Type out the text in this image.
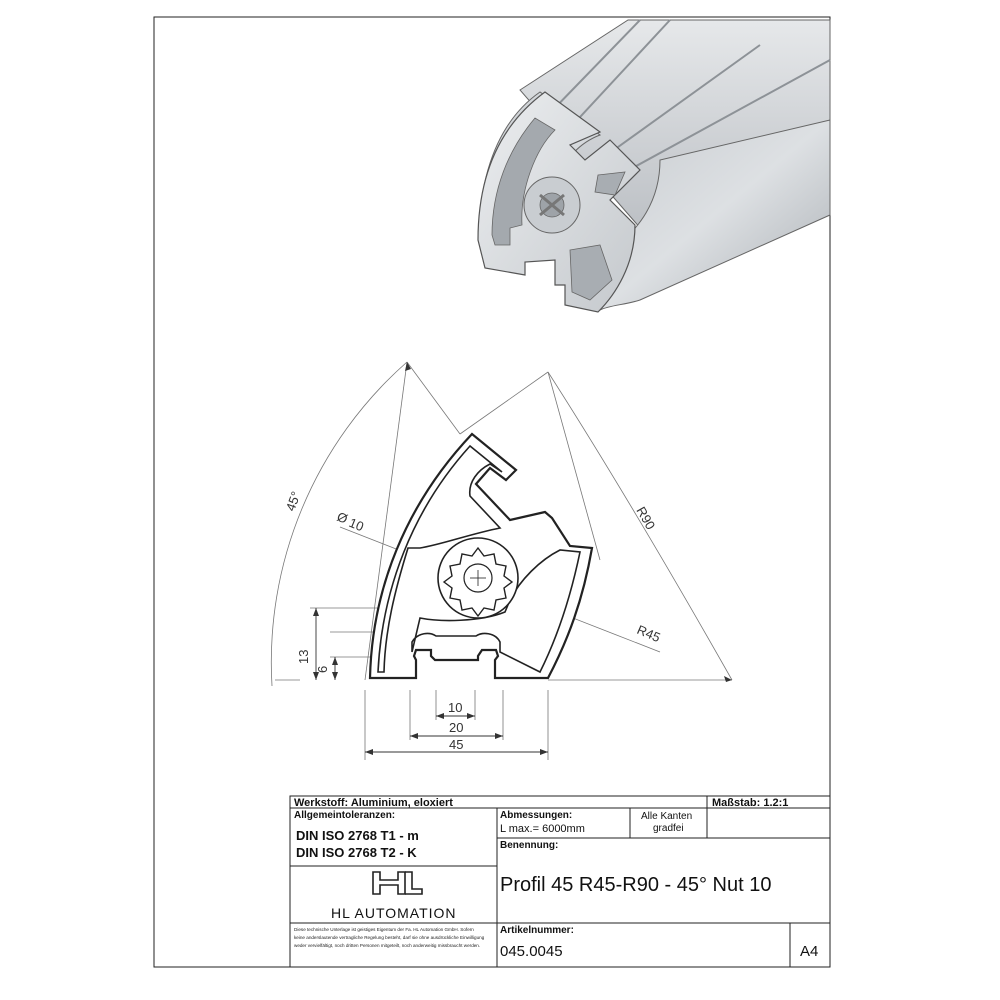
45°
R90
R45
Ø
10
13
6
10
20
45
Werkstoff: Aluminium, eloxiert	Maßstab: 1.2:1
Allgemeintoleranzen:
DIN ISO 2768 T1 - m
DIN ISO 2768 T2 - K
Abmessungen:
L max.= 6000mm
Alle Kanten
gradfei
Benennung:
Profil 45 R45-R90 - 45° Nut 10
HL AUTOMATION
Diese technische Unterlage ist geistiges Eigentum der Fa. HL Automation GmbH. Sofern keine anderslautende vertragliche Regelung besteht, darf sie ohne ausdrückliche Einwilligung weder vervielfältigt, noch dritten Personen mitgeteilt, noch anderweitig missbraucht werden.
Artikelnummer:
045.0045	A4
